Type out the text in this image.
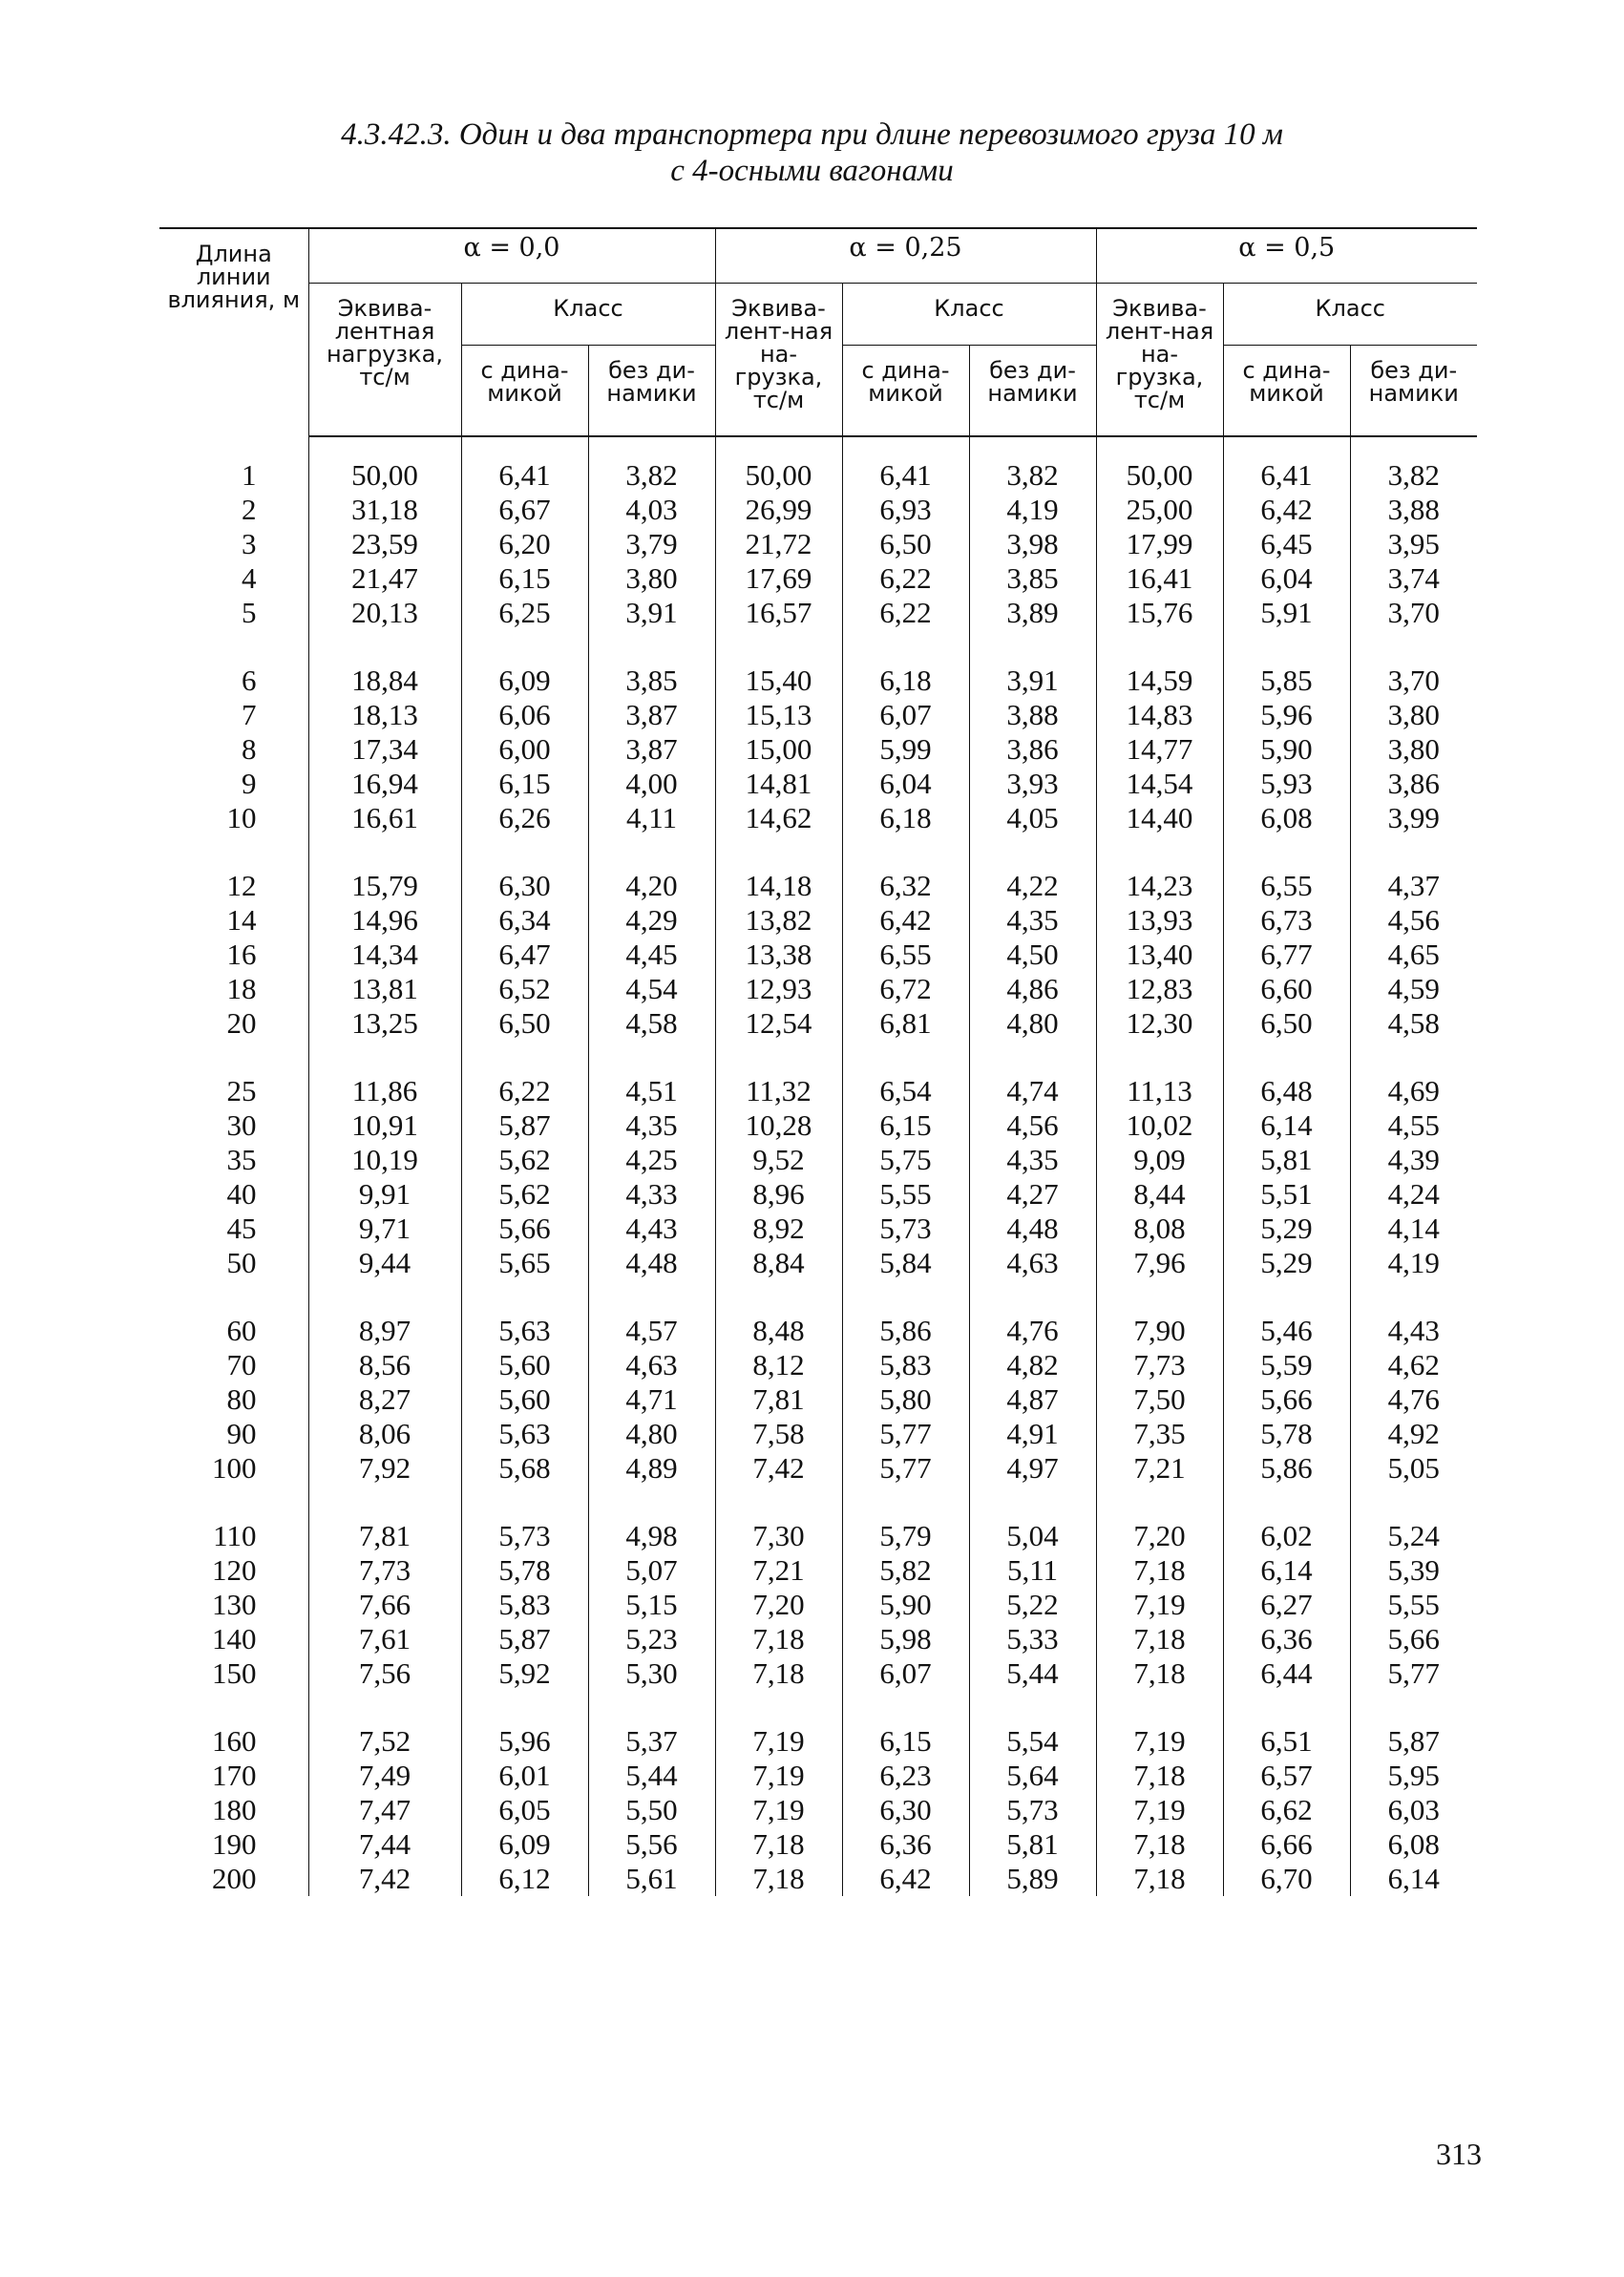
4.3.42.3. Один и два транспортера при длине перевозимого груза 10 м
с 4-осными вагонами
Длина линии влияния, м	α = 0,0			α = 0,25			α = 0,5		
	Эквива-лентная нагрузка, тс/м	Класс		Эквива-лент-ная на-грузка, тс/м	Класс		Эквива-лент-ная на-грузка, тс/м	Класс	
		с дина-микой	без ди-намики		с дина-микой	без ди-намики		с дина-микой	без ди-намики

1	50,00	6,41	3,82	50,00	6,41	3,82	50,00	6,41	3,82
2	31,18	6,67	4,03	26,99	6,93	4,19	25,00	6,42	3,88
3	23,59	6,20	3,79	21,72	6,50	3,98	17,99	6,45	3,95
4	21,47	6,15	3,80	17,69	6,22	3,85	16,41	6,04	3,74
5	20,13	6,25	3,91	16,57	6,22	3,89	15,76	5,91	3,70

6	18,84	6,09	3,85	15,40	6,18	3,91	14,59	5,85	3,70
7	18,13	6,06	3,87	15,13	6,07	3,88	14,83	5,96	3,80
8	17,34	6,00	3,87	15,00	5,99	3,86	14,77	5,90	3,80
9	16,94	6,15	4,00	14,81	6,04	3,93	14,54	5,93	3,86
10	16,61	6,26	4,11	14,62	6,18	4,05	14,40	6,08	3,99

12	15,79	6,30	4,20	14,18	6,32	4,22	14,23	6,55	4,37
14	14,96	6,34	4,29	13,82	6,42	4,35	13,93	6,73	4,56
16	14,34	6,47	4,45	13,38	6,55	4,50	13,40	6,77	4,65
18	13,81	6,52	4,54	12,93	6,72	4,86	12,83	6,60	4,59
20	13,25	6,50	4,58	12,54	6,81	4,80	12,30	6,50	4,58

25	11,86	6,22	4,51	11,32	6,54	4,74	11,13	6,48	4,69
30	10,91	5,87	4,35	10,28	6,15	4,56	10,02	6,14	4,55
35	10,19	5,62	4,25	9,52	5,75	4,35	9,09	5,81	4,39
40	9,91	5,62	4,33	8,96	5,55	4,27	8,44	5,51	4,24
45	9,71	5,66	4,43	8,92	5,73	4,48	8,08	5,29	4,14
50	9,44	5,65	4,48	8,84	5,84	4,63	7,96	5,29	4,19

60	8,97	5,63	4,57	8,48	5,86	4,76	7,90	5,46	4,43
70	8,56	5,60	4,63	8,12	5,83	4,82	7,73	5,59	4,62
80	8,27	5,60	4,71	7,81	5,80	4,87	7,50	5,66	4,76
90	8,06	5,63	4,80	7,58	5,77	4,91	7,35	5,78	4,92
100	7,92	5,68	4,89	7,42	5,77	4,97	7,21	5,86	5,05

110	7,81	5,73	4,98	7,30	5,79	5,04	7,20	6,02	5,24
120	7,73	5,78	5,07	7,21	5,82	5,11	7,18	6,14	5,39
130	7,66	5,83	5,15	7,20	5,90	5,22	7,19	6,27	5,55
140	7,61	5,87	5,23	7,18	5,98	5,33	7,18	6,36	5,66
150	7,56	5,92	5,30	7,18	6,07	5,44	7,18	6,44	5,77

160	7,52	5,96	5,37	7,19	6,15	5,54	7,19	6,51	5,87
170	7,49	6,01	5,44	7,19	6,23	5,64	7,18	6,57	5,95
180	7,47	6,05	5,50	7,19	6,30	5,73	7,19	6,62	6,03
190	7,44	6,09	5,56	7,18	6,36	5,81	7,18	6,66	6,08
200	7,42	6,12	5,61	7,18	6,42	5,89	7,18	6,70	6,14
313
